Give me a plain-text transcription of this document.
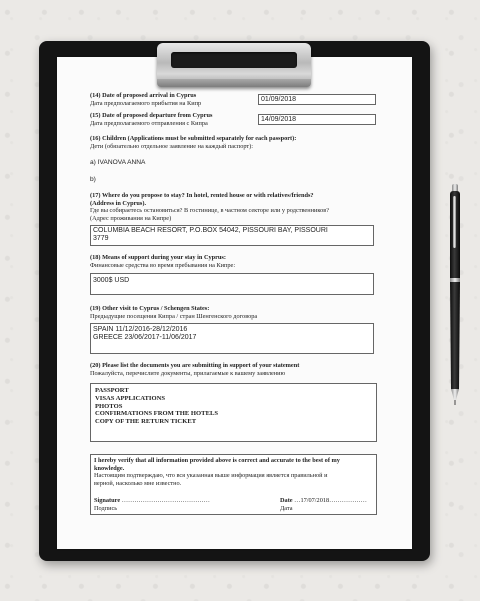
(14) Date of proposed arrival in Cyprus
Дата предполагаемого прибытия на Кипр
01/09/2018
(15) Date of proposed departure from Cyprus
Дата предполагаемого отправления с Кипра
14/09/2018
(16) Children (Applications must be submitted separately for each passport):
Дети (обязательно отдельное заявление на каждый паспорт):
a) IVANOVA ANNA
b)
(17) Where do you propose to stay? In hotel, rented house or with relatives/friends?
(Address in Cyprus).
Где вы собираетесь остановиться? В гостинице, в частном секторе или у родственников?
(Адрес проживания на Кипре)
COLUMBIA BEACH RESORT, P.O.BOX 54042, PISSOURI BAY, PISSOURI
3779
(18) Means of support during your stay in Cyprus:
Финансовые средства во время пребывания на Кипре:
3000$ USD
(19) Other visit to Cyprus / Schengen States:
Предыдущие посещения Кипра / стран Шенгенского договора
SPAIN 11/12/2016-28/12/2016
GREECE 23/06/2017-11/06/2017
(20) Please list the documents you are submitting in support of your statement
Пожалуйста, перечислите документы, прилагаемые к вашему заявлению
PASSPORT
VISAS APPLICATIONS
PHOTOS
CONFIRMATIONS FROM THE HOTELS
COPY OF THE RETURN TICKET
I hereby verify that all information provided above is correct and accurate to the best of my
knowledge.
Настоящим подтверждаю, что вся указанная выше информация является правильной и
верной, насколько мне известно.
Signature ……………………………………
Подпись
Date …17/07/2018………………
Дата
